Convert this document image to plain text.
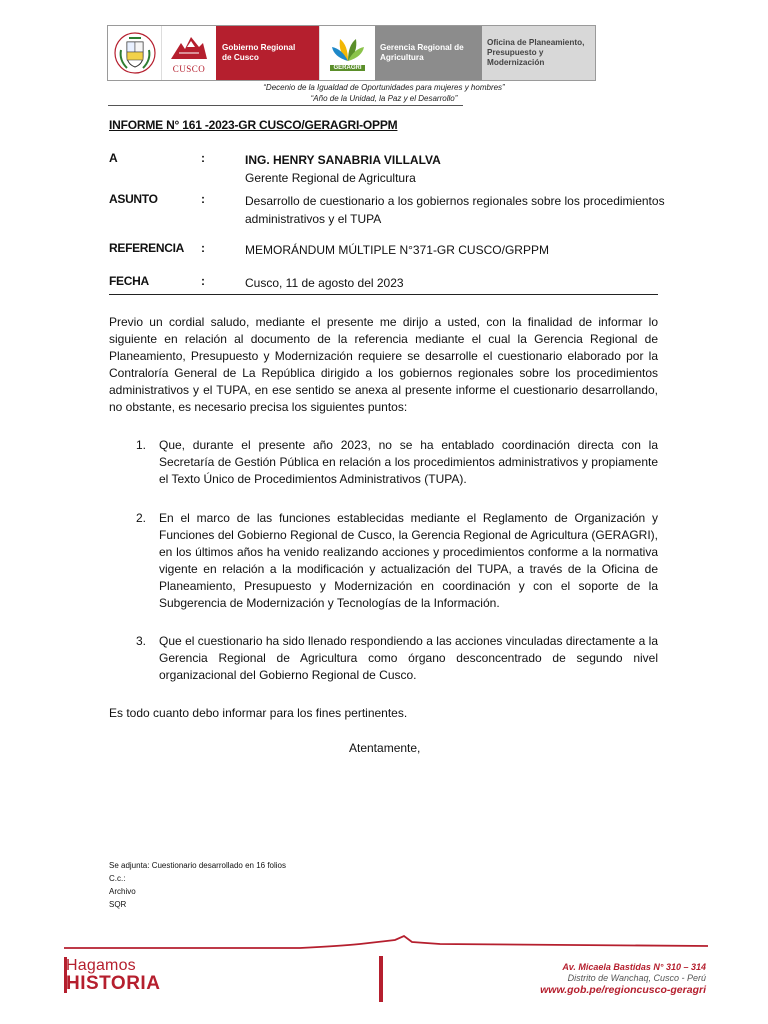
CUSCO
Gobierno Regional de Cusco
GERAGRI
Gerencia Regional de Agricultura
Oficina de Planeamiento, Presupuesto y Modernización
“Decenio de la Igualdad de Oportunidades para mujeres y hombres”
“Año de la Unidad, la Paz y el Desarrollo”
INFORME N° 161 -2023-GR CUSCO/GERAGRI-OPPM
A	:	ING. HENRY SANABRIA VILLALVA
Gerente Regional de Agricultura
ASUNTO	:	Desarrollo de cuestionario a los gobiernos regionales sobre los procedimientos administrativos y el TUPA
REFERENCIA	:	MEMORÁNDUM MÚLTIPLE N°371-GR CUSCO/GRPPM
FECHA	:	Cusco, 11 de agosto del 2023
Previo un cordial saludo, mediante el presente me dirijo a usted, con la finalidad de informar lo siguiente en relación al documento de la referencia mediante el cual la Gerencia Regional de Planeamiento, Presupuesto y Modernización requiere se desarrolle el cuestionario elaborado por la Contraloría General de La República dirigido a los gobiernos regionales sobre los procedimientos administrativos y el TUPA, en ese sentido se anexa al presente informe el cuestionario desarrollando, no obstante, es necesario precisa los siguientes puntos:
1.	Que, durante el presente año 2023, no se ha entablado coordinación directa con la Secretaría de Gestión Pública en relación a los procedimientos administrativos y propiamente el Texto Único de Procedimientos Administrativos (TUPA).
2.	En el marco de las funciones establecidas mediante el Reglamento de Organización y Funciones del Gobierno Regional de Cusco, la Gerencia Regional de Agricultura (GERAGRI), en los últimos años ha venido realizando acciones y procedimientos conforme a la normativa vigente en relación a la modificación y actualización del TUPA, a través de la Oficina de Planeamiento, Presupuesto y Modernización en coordinación y con el soporte de la Subgerencia de Modernización y Tecnologías de la Información.
3.	Que el cuestionario ha sido llenado respondiendo a las acciones vinculadas directamente a la Gerencia Regional de Agricultura como órgano desconcentrado de segundo nivel organizacional del Gobierno Regional de Cusco.
Es todo cuanto debo informar para los fines pertinentes.
Atentamente,
Se adjunta: Cuestionario desarrollado en 16 folios
C.c.:
Archivo
SQR
Hagamos
HISTORIA
Av. Micaela Bastidas N° 310 – 314
Distrito de Wanchaq, Cusco - Perú
www.gob.pe/regioncusco-geragri
